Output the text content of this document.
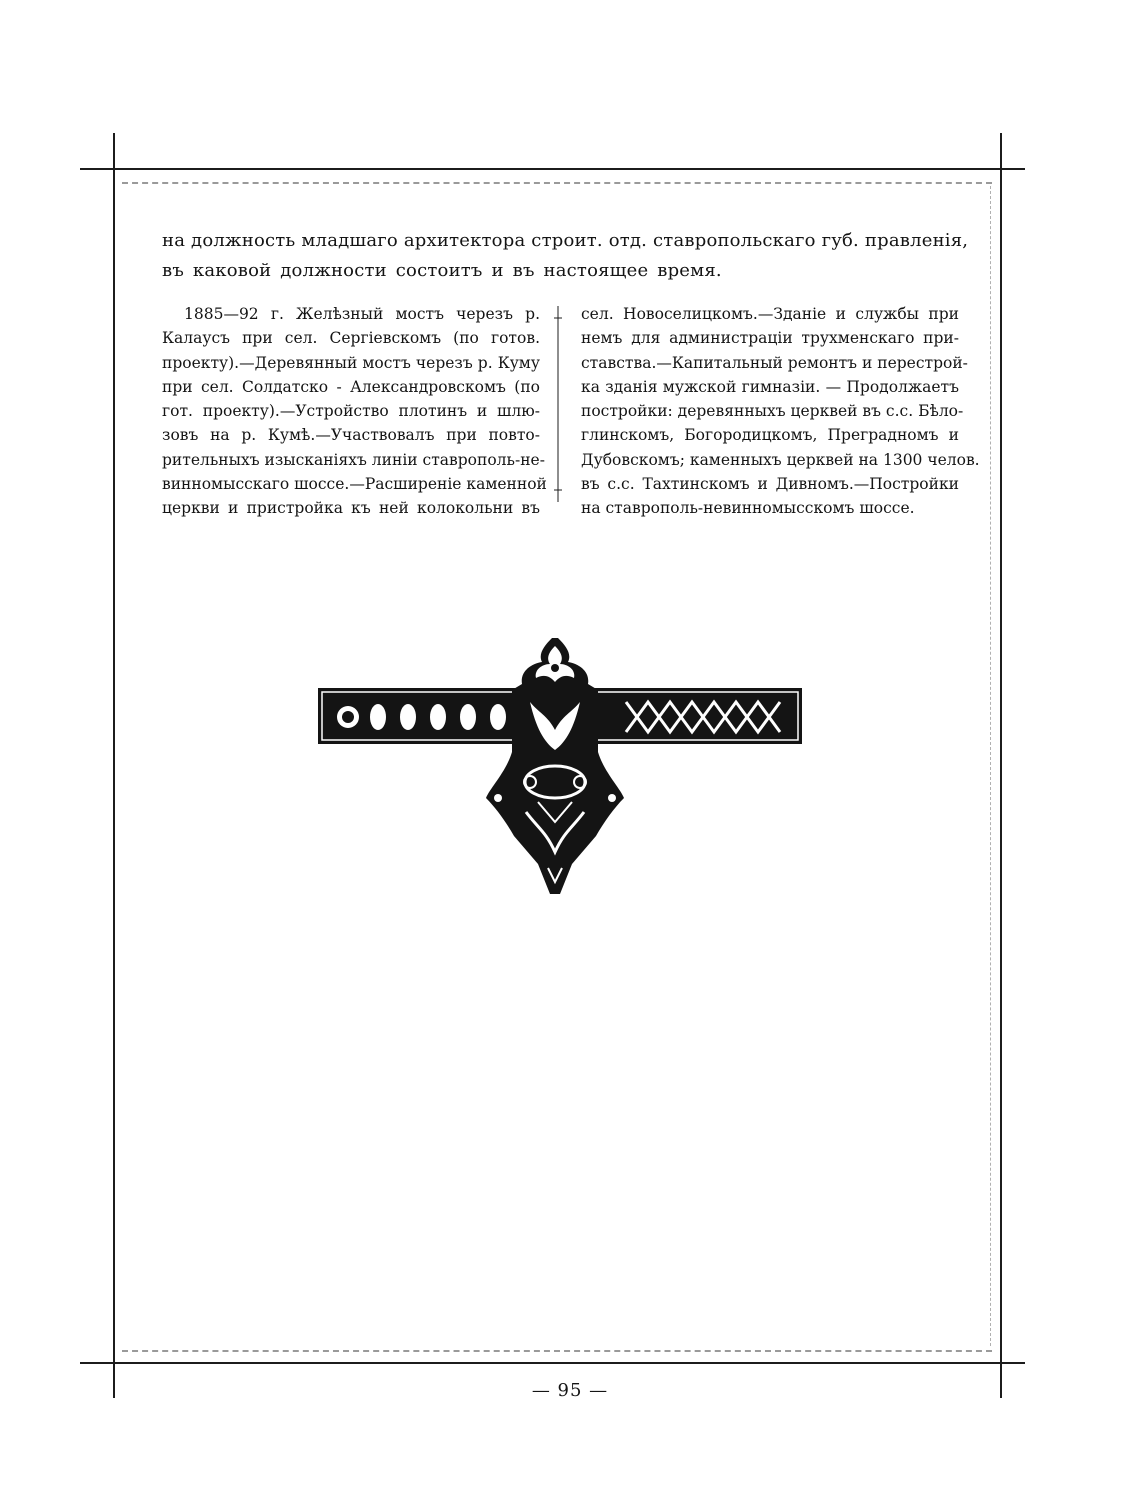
на должность младшаго архитектора строит. отд. ставропольскаго губ. правленія,
въ каковой должности состоитъ и въ настоящее время.
1885—92 г. Желѣзный мостъ черезъ р.
Калаусъ при сел. Сергіевскомъ (по готов.
проекту).—Деревянный мостъ черезъ р. Куму
при сел. Солдатско - Александровскомъ (по
гот. проекту).—Устройство плотинъ и шлю-
зовъ на р. Кумѣ.—Участвовалъ при повто-
рительныхъ изысканіяхъ линіи ставрополь-не-
винномысскаго шоссе.—Расширеніе каменной
церкви и пристройка къ ней колокольни въ
сел. Новоселицкомъ.—Зданіе и службы при
немъ для администраціи трухменскаго при-
ставства.—Капитальный ремонтъ и перестрой-
ка зданія мужской гимназіи. — Продолжаетъ
постройки: деревянныхъ церквей въ с.с. Бѣло-
глинскомъ, Богородицкомъ, Преградномъ и
Дубовскомъ; каменныхъ церквей на 1300 челов.
въ с.с. Тахтинскомъ и Дивномъ.—Постройки
на ставрополь-невинномысскомъ шоссе.
— 95 —
